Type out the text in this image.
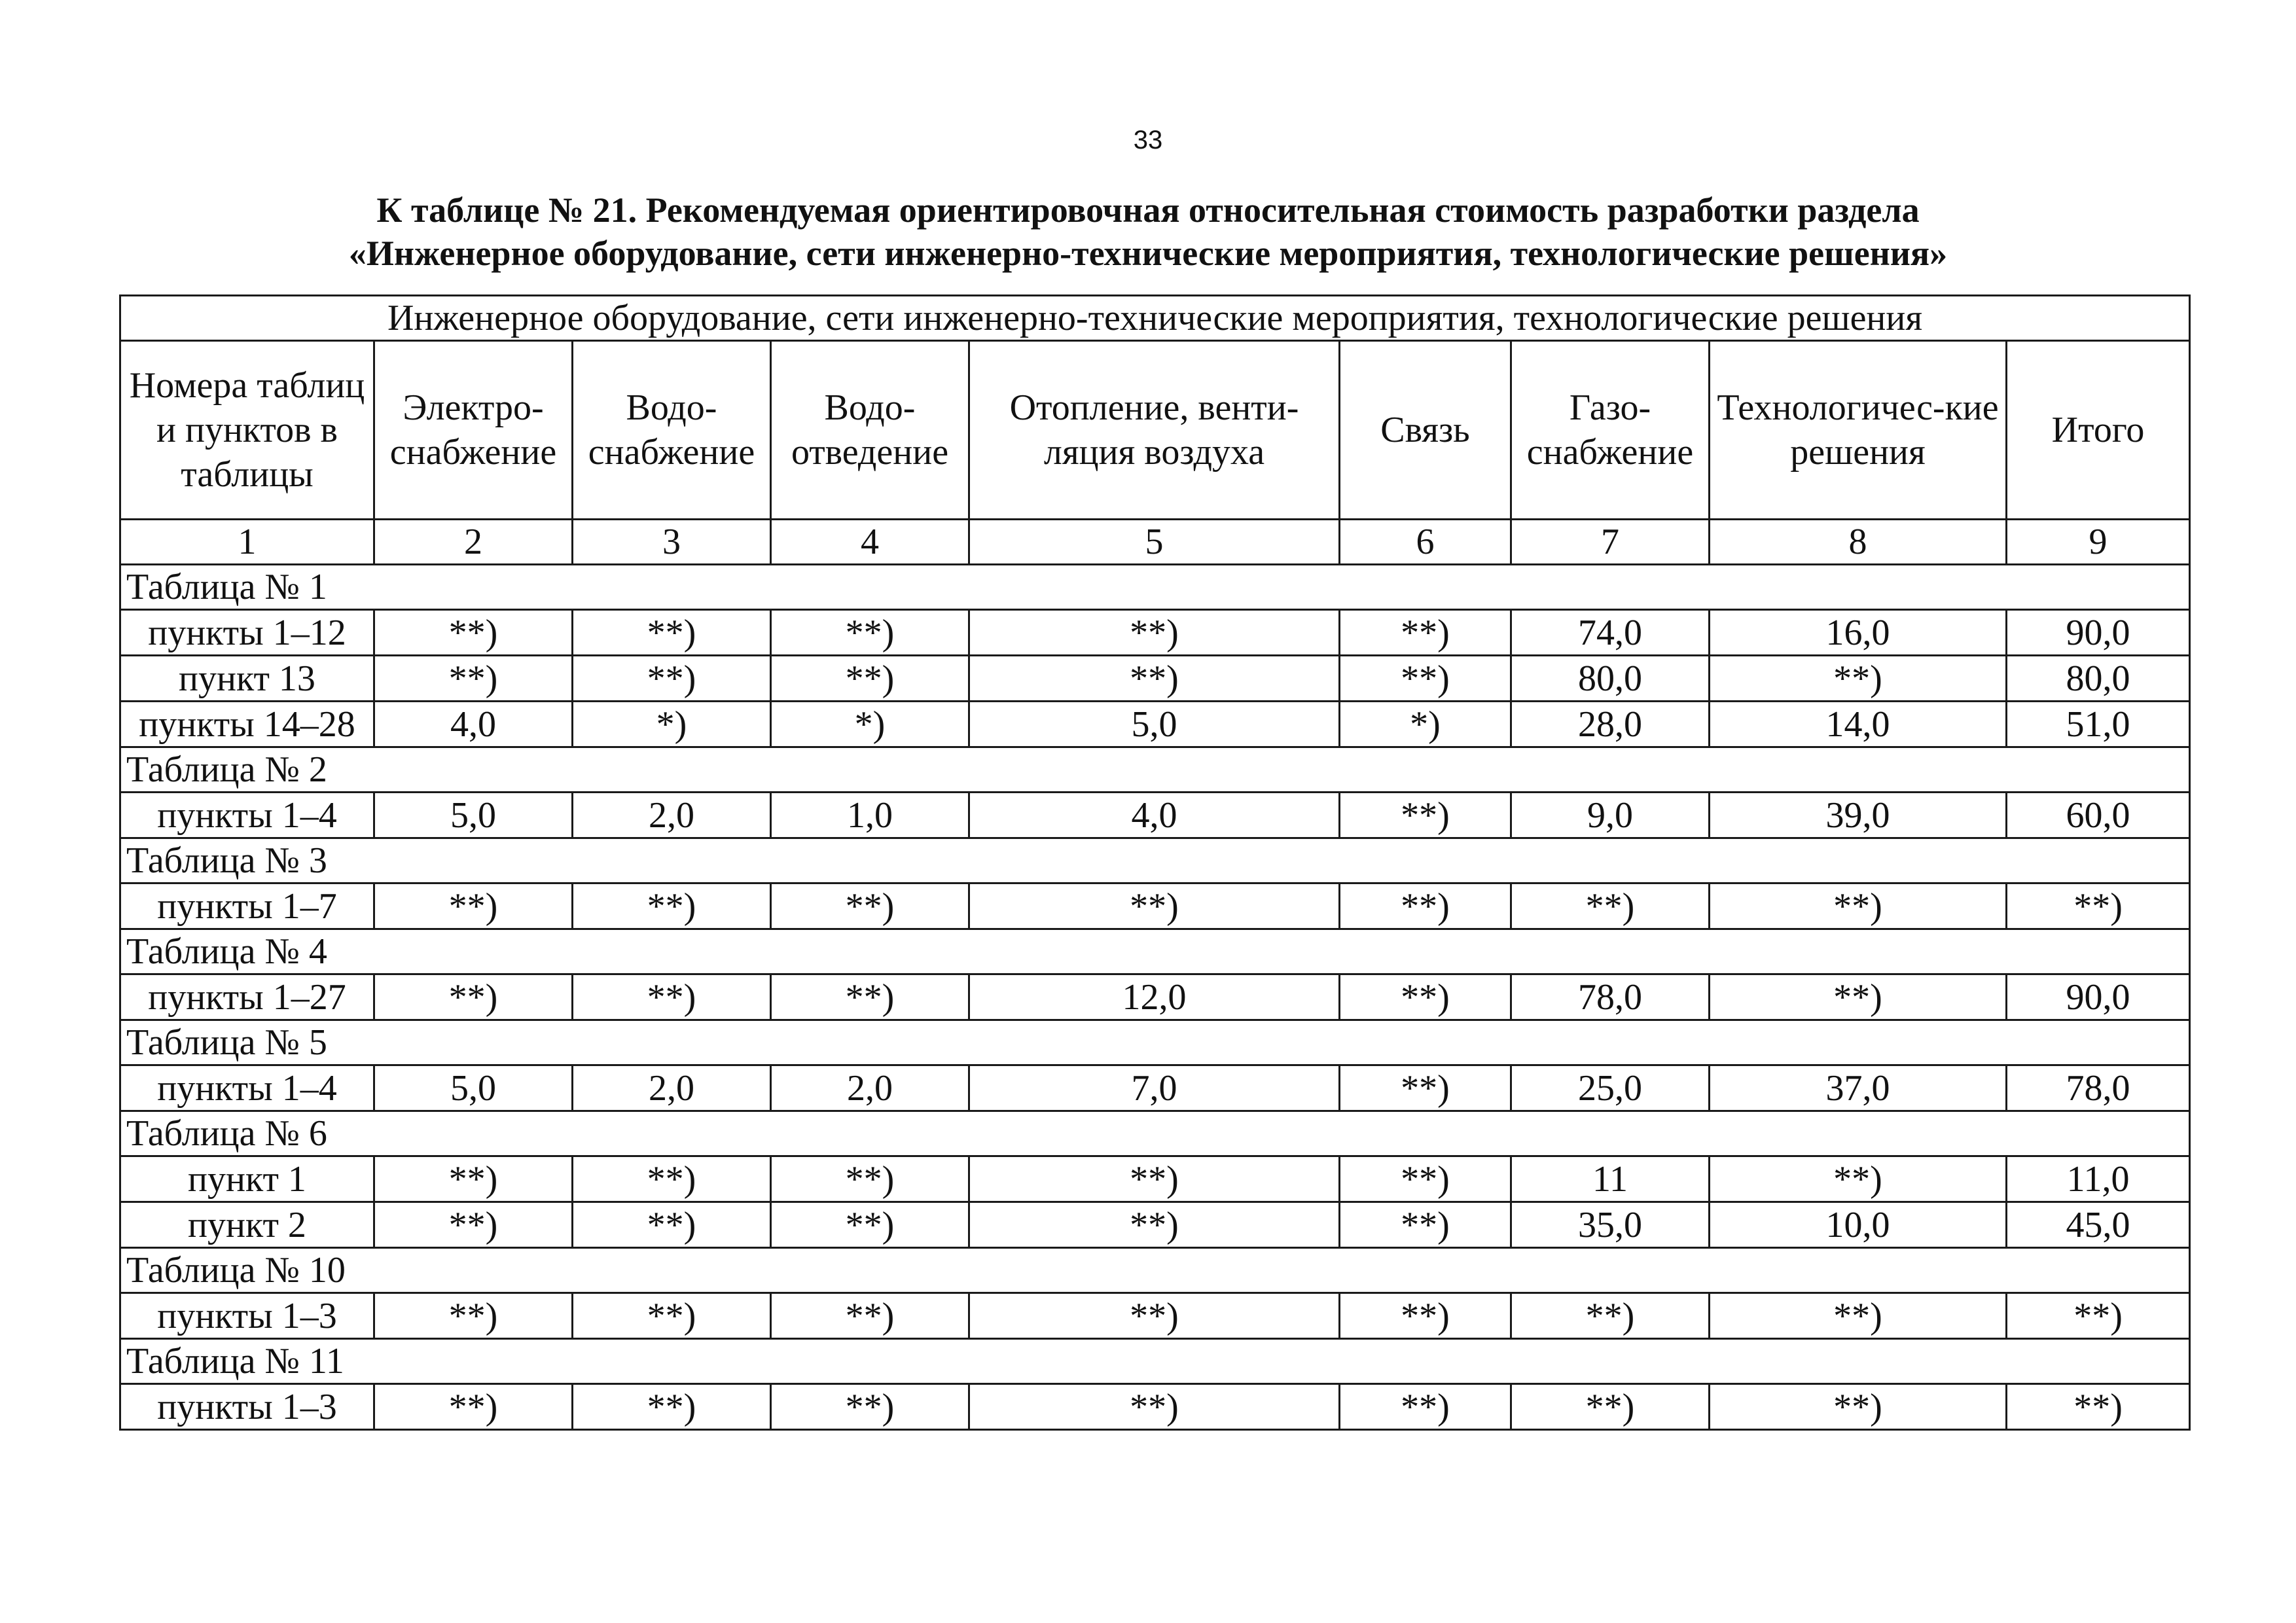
33
К таблице № 21. Рекомендуемая ориентировочная относительная стоимость разработки раздела
«Инженерное оборудование, сети инженерно-технические мероприятия, технологические решения»
Инженерное оборудование, сети инженерно-технические мероприятия, технологические решения								
Номера таблиц и пунктов в таблицы	Электро-снабжение	Водо-снабжение	Водо-отведение	Отопление, венти-ляция воздуха	Связь	Газо-снабжение	Технологичес-кие решения	Итого
1	2	3	4	5	6	7	8	9
Таблица № 1								
пункты 1–12	**)	**)	**)	**)	**)	74,0	16,0	90,0
пункт 13	**)	**)	**)	**)	**)	80,0	**)	80,0
пункты 14–28	4,0	*)	*)	5,0	*)	28,0	14,0	51,0
Таблица № 2								
пункты 1–4	5,0	2,0	1,0	4,0	**)	9,0	39,0	60,0
Таблица № 3								
пункты 1–7	**)	**)	**)	**)	**)	**)	**)	**)
Таблица № 4								
пункты 1–27	**)	**)	**)	12,0	**)	78,0	**)	90,0
Таблица № 5								
пункты 1–4	5,0	2,0	2,0	7,0	**)	25,0	37,0	78,0
Таблица № 6								
пункт 1	**)	**)	**)	**)	**)	11	**)	11,0
пункт 2	**)	**)	**)	**)	**)	35,0	10,0	45,0
Таблица № 10								
пункты 1–3	**)	**)	**)	**)	**)	**)	**)	**)
Таблица № 11								
пункты 1–3	**)	**)	**)	**)	**)	**)	**)	**)
